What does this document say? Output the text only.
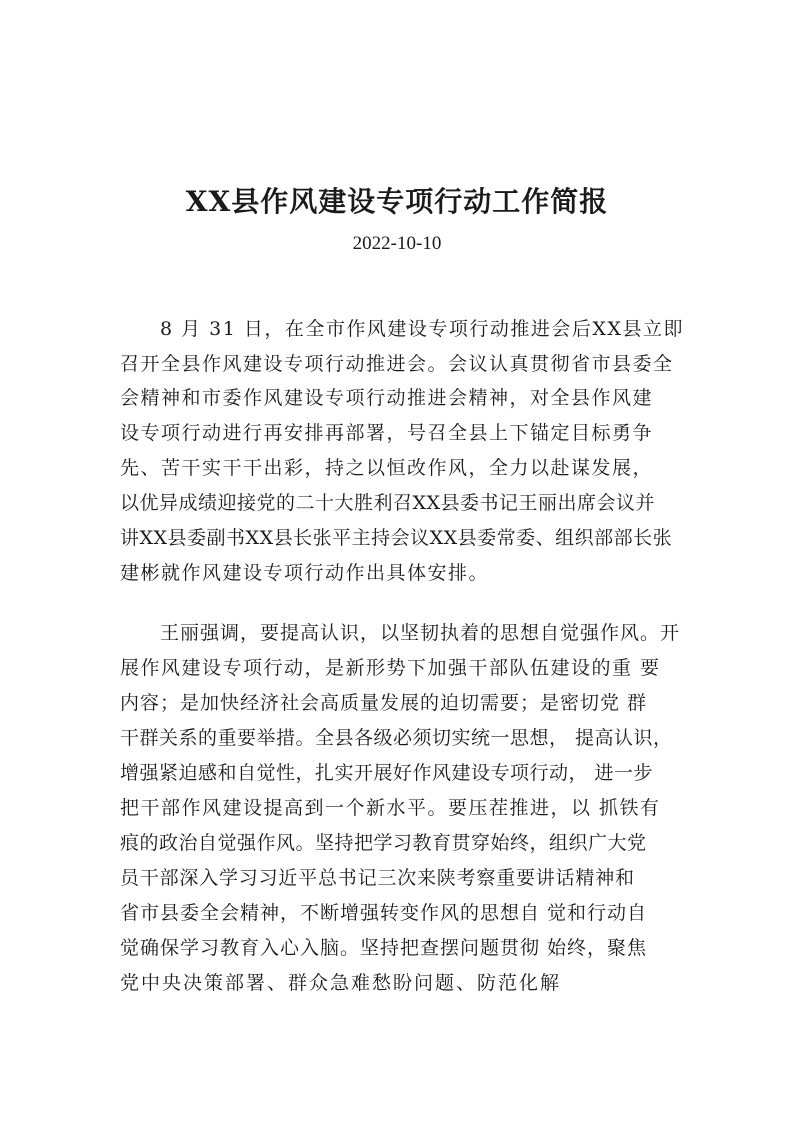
XX县作风建设专项行动工作简报
2022-10-10
8 月 31 日，在全市作风建设专项行动推进会后XX县立即
召开全县作风建设专项行动推进会。会议认真贯彻省市县委全
会精神和市委作风建设专项行动推进会精神，对全县作风建
设专项行动进行再安排再部署，号召全县上下锚定目标勇争
先、苦干实干干出彩，持之以恒改作风，全力以赴谋发展，
以优异成绩迎接党的二十大胜利召XX县委书记王丽出席会议并
讲XX县委副书XX县长张平主持会议XX县委常委、组织部部长张
建彬就作风建设专项行动作出具体安排。
王丽强调，要提高认识，以坚韧执着的思想自觉强作风。开
展作风建设专项行动，是新形势下加强干部队伍建设的重 要
内容；是加快经济社会高质量发展的迫切需要；是密切党 群
干群关系的重要举措。全县各级必须切实统一思想， 提高认识，
增强紧迫感和自觉性，扎实开展好作风建设专项行动， 进一步
把干部作风建设提高到一个新水平。要压茬推进，以 抓铁有
痕的政治自觉强作风。坚持把学习教育贯穿始终，组织广大党
员干部深入学习习近平总书记三次来陕考察重要讲话精神和
省市县委全会精神，不断增强转变作风的思想自 觉和行动自
觉确保学习教育入心入脑。坚持把查摆问题贯彻 始终，聚焦
党中央决策部署、群众急难愁盼问题、防范化解
